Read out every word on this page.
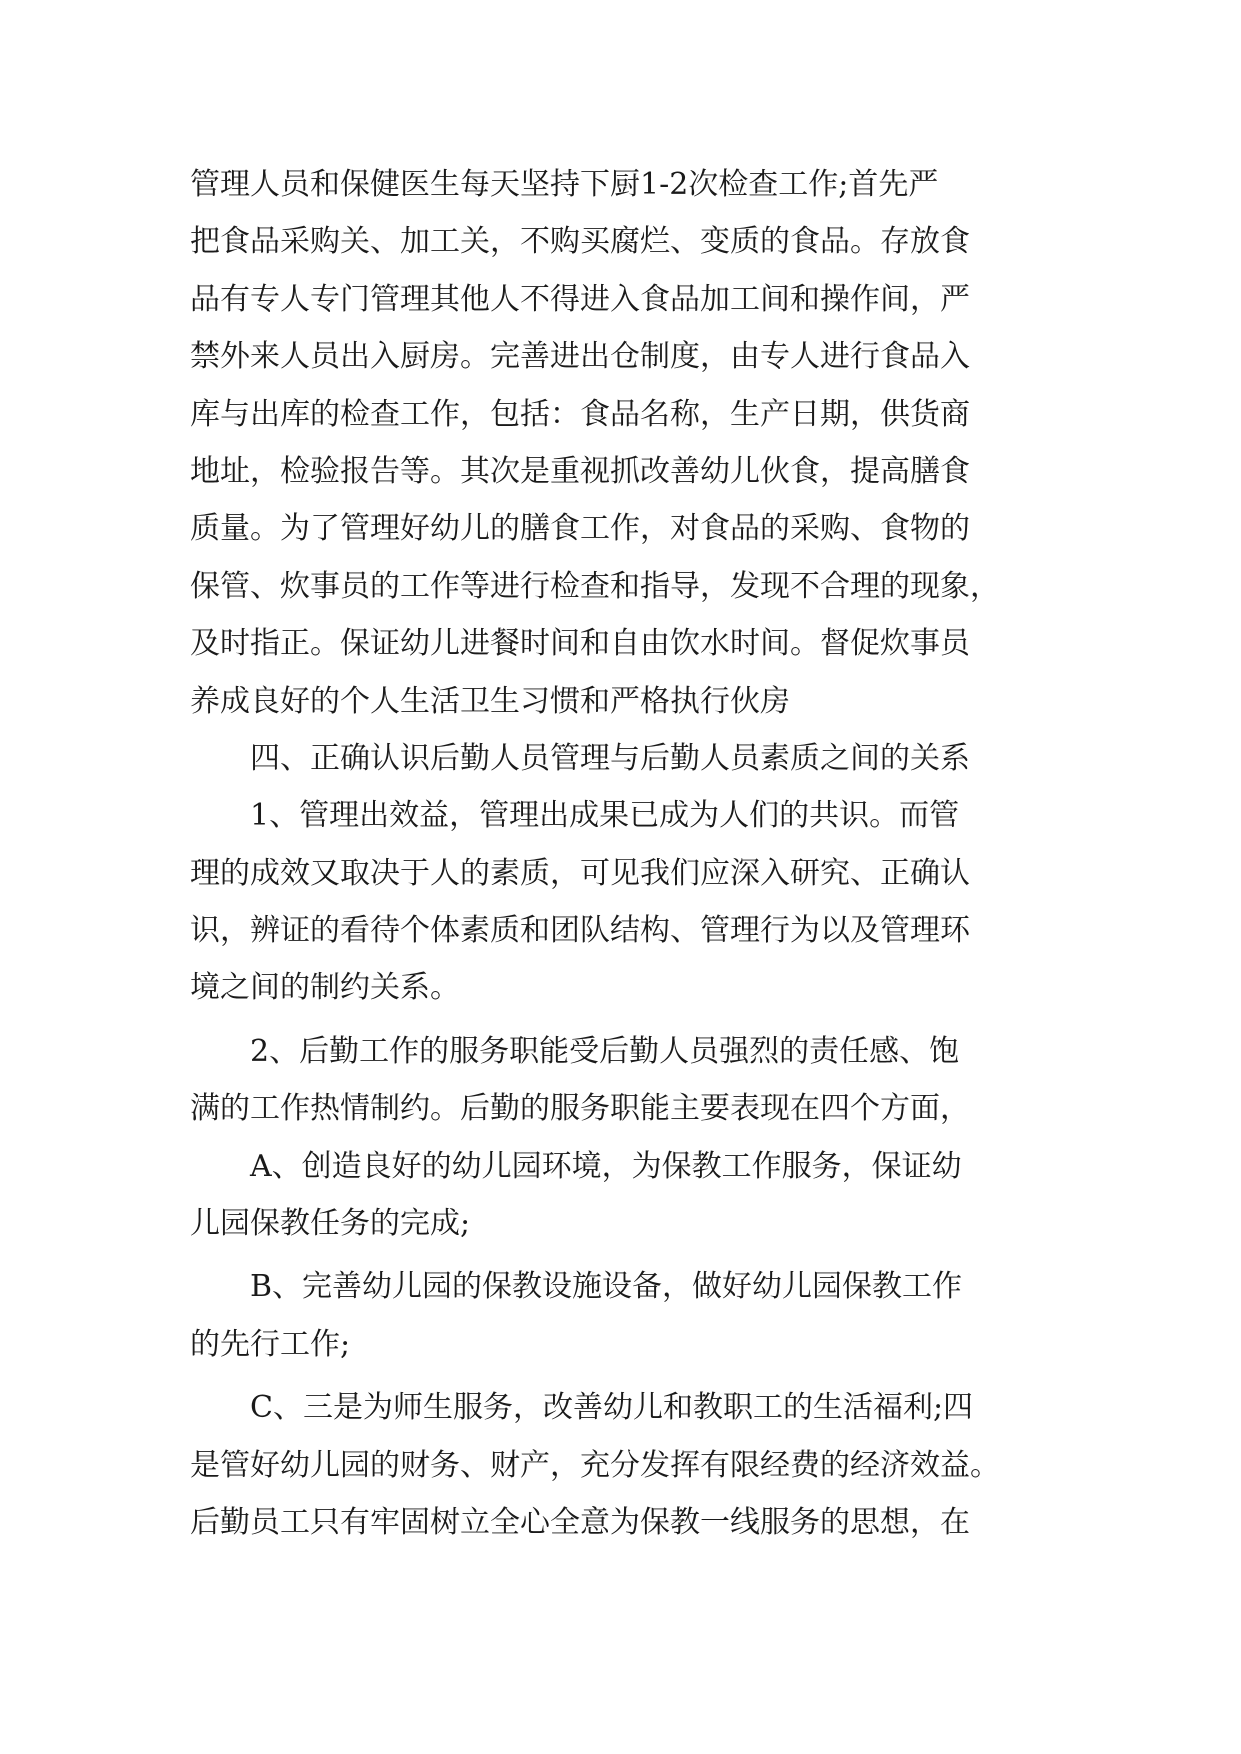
管理人员和保健医生每天坚持下厨1-2次检查工作;首先严
把食品采购关、加工关，不购买腐烂、变质的食品。存放食
品有专人专门管理其他人不得进入食品加工间和操作间，严
禁外来人员出入厨房。完善进出仓制度，由专人进行食品入
库与出库的检查工作，包括：食品名称，生产日期，供货商
地址，检验报告等。其次是重视抓改善幼儿伙食，提高膳食
质量。为了管理好幼儿的膳食工作，对食品的采购、食物的
保管、炊事员的工作等进行检查和指导，发现不合理的现象，
及时指正。保证幼儿进餐时间和自由饮水时间。督促炊事员
养成良好的个人生活卫生习惯和严格执行伙房
四、正确认识后勤人员管理与后勤人员素质之间的关系
1、管理出效益，管理出成果已成为人们的共识。而管
理的成效又取决于人的素质，可见我们应深入研究、正确认
识，辨证的看待个体素质和团队结构、管理行为以及管理环
境之间的制约关系。
2、后勤工作的服务职能受后勤人员强烈的责任感、饱
满的工作热情制约。后勤的服务职能主要表现在四个方面，
A、创造良好的幼儿园环境，为保教工作服务，保证幼
儿园保教任务的完成;
B、完善幼儿园的保教设施设备，做好幼儿园保教工作
的先行工作;
C、三是为师生服务，改善幼儿和教职工的生活福利;四
是管好幼儿园的财务、财产，充分发挥有限经费的经济效益。
后勤员工只有牢固树立全心全意为保教一线服务的思想，在
